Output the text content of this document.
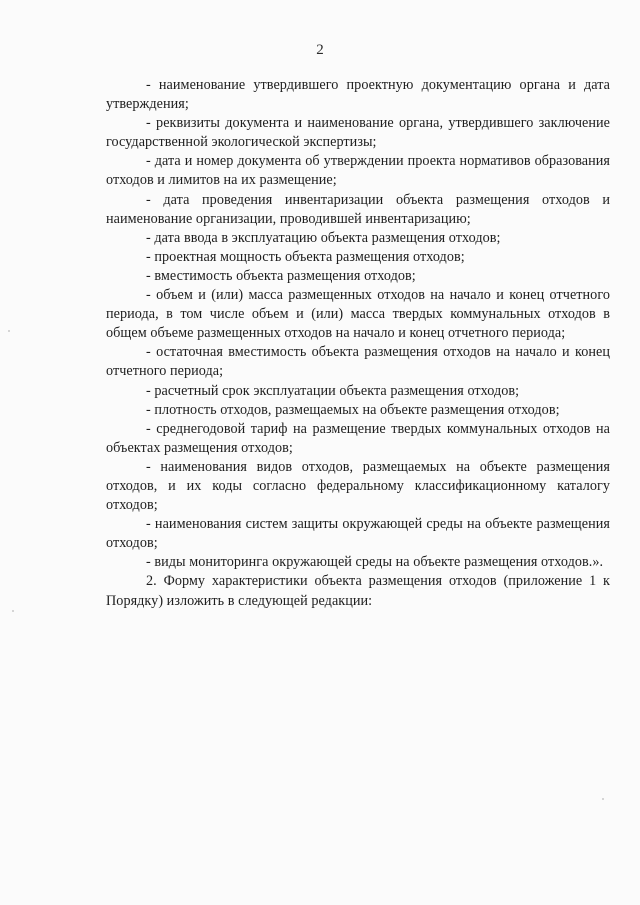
2

- наименование утвердившего проектную документацию органа и дата утверждения;

- реквизиты документа и наименование органа, утвердившего заключение государственной экологической экспертизы;

- дата и номер документа об утверждении проекта нормативов образования отходов и лимитов на их размещение;

- дата проведения инвентаризации объекта размещения отходов и наименование организации, проводившей инвентаризацию;

- дата ввода в эксплуатацию объекта размещения отходов;

- проектная мощность объекта размещения отходов;

- вместимость объекта размещения отходов;

- объем и (или) масса размещенных отходов на начало и конец отчетного периода, в том числе объем и (или) масса твердых коммунальных отходов в общем объеме размещенных отходов на начало и конец отчетного периода;

- остаточная вместимость объекта размещения отходов на начало и конец отчетного периода;

- расчетный срок эксплуатации объекта размещения отходов;

- плотность отходов, размещаемых на объекте размещения отходов;

- среднегодовой тариф на размещение твердых коммунальных отходов на объектах размещения отходов;

- наименования видов отходов, размещаемых на объекте размещения отходов, и их коды согласно федеральному классификационному каталогу отходов;

- наименования систем защиты окружающей среды на объекте размещения отходов;

- виды мониторинга окружающей среды на объекте размещения отходов.».

2. Форму характеристики объекта размещения отходов (приложение 1 к Порядку) изложить в следующей редакции:
